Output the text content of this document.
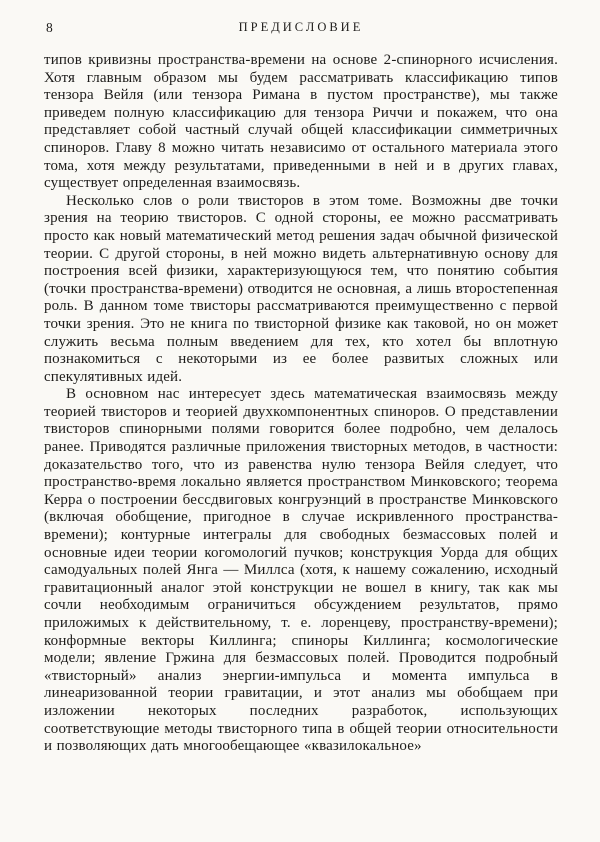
8	ПРЕДИСЛОВИЕ

типов кривизны пространства-времени на основе 2-спинорного исчисления. Хотя главным образом мы будем рассматривать классификацию типов тензора Вейля (или тензора Римана в пустом пространстве), мы также приведем полную классификацию для тензора Риччи и покажем, что она представляет собой частный случай общей классификации симметричных спиноров. Главу 8 можно читать независимо от остального материала этого тома, хотя между результатами, приведенными в ней и в других главах, существует определенная взаимосвязь.

Несколько слов о роли твисторов в этом томе. Возможны две точки зрения на теорию твисторов. С одной стороны, ее можно рассматривать просто как новый математический метод решения задач обычной физической теории. С другой стороны, в ней можно видеть альтернативную основу для построения всей физики, характеризующуюся тем, что понятию события (точки пространства-времени) отводится не основная, а лишь второстепенная роль. В данном томе твисторы рассматриваются преимущественно с первой точки зрения. Это не книга по твисторной физике как таковой, но он может служить весьма полным введением для тех, кто хотел бы вплотную познакомиться с некоторыми из ее более развитых сложных или спекулятивных идей.

В основном нас интересует здесь математическая взаимосвязь между теорией твисторов и теорией двухкомпонентных спиноров. О представлении твисторов спинорными полями говорится более подробно, чем делалось ранее. Приводятся различные приложения твисторных методов, в частности: доказательство того, что из равенства нулю тензора Вейля следует, что пространство-время локально является пространством Минковского; теорема Керра о построении бессдвиговых конгруэнций в пространстве Минковского (включая обобщение, пригодное в случае искривленного пространства-времени); контурные интегралы для свободных безмассовых полей и основные идеи теории когомологий пучков; конструкция Уорда для общих самодуальных полей Янга — Миллса (хотя, к нашему сожалению, исходный гравитационный аналог этой конструкции не вошел в книгу, так как мы сочли необходимым ограничиться обсуждением результатов, прямо приложимых к действительному, т. е. лоренцеву, пространству-времени); конформные векторы Киллинга; спиноры Киллинга; космологические модели; явление Гржина для безмассовых полей. Проводится подробный «твисторный» анализ энергии-импульса и момента импульса в линеаризованной теории гравитации, и этот анализ мы обобщаем при изложении некоторых последних разработок, использующих соответствующие методы твисторного типа в общей теории относительности и позволяющих дать многообещающее «квазилокальное»
